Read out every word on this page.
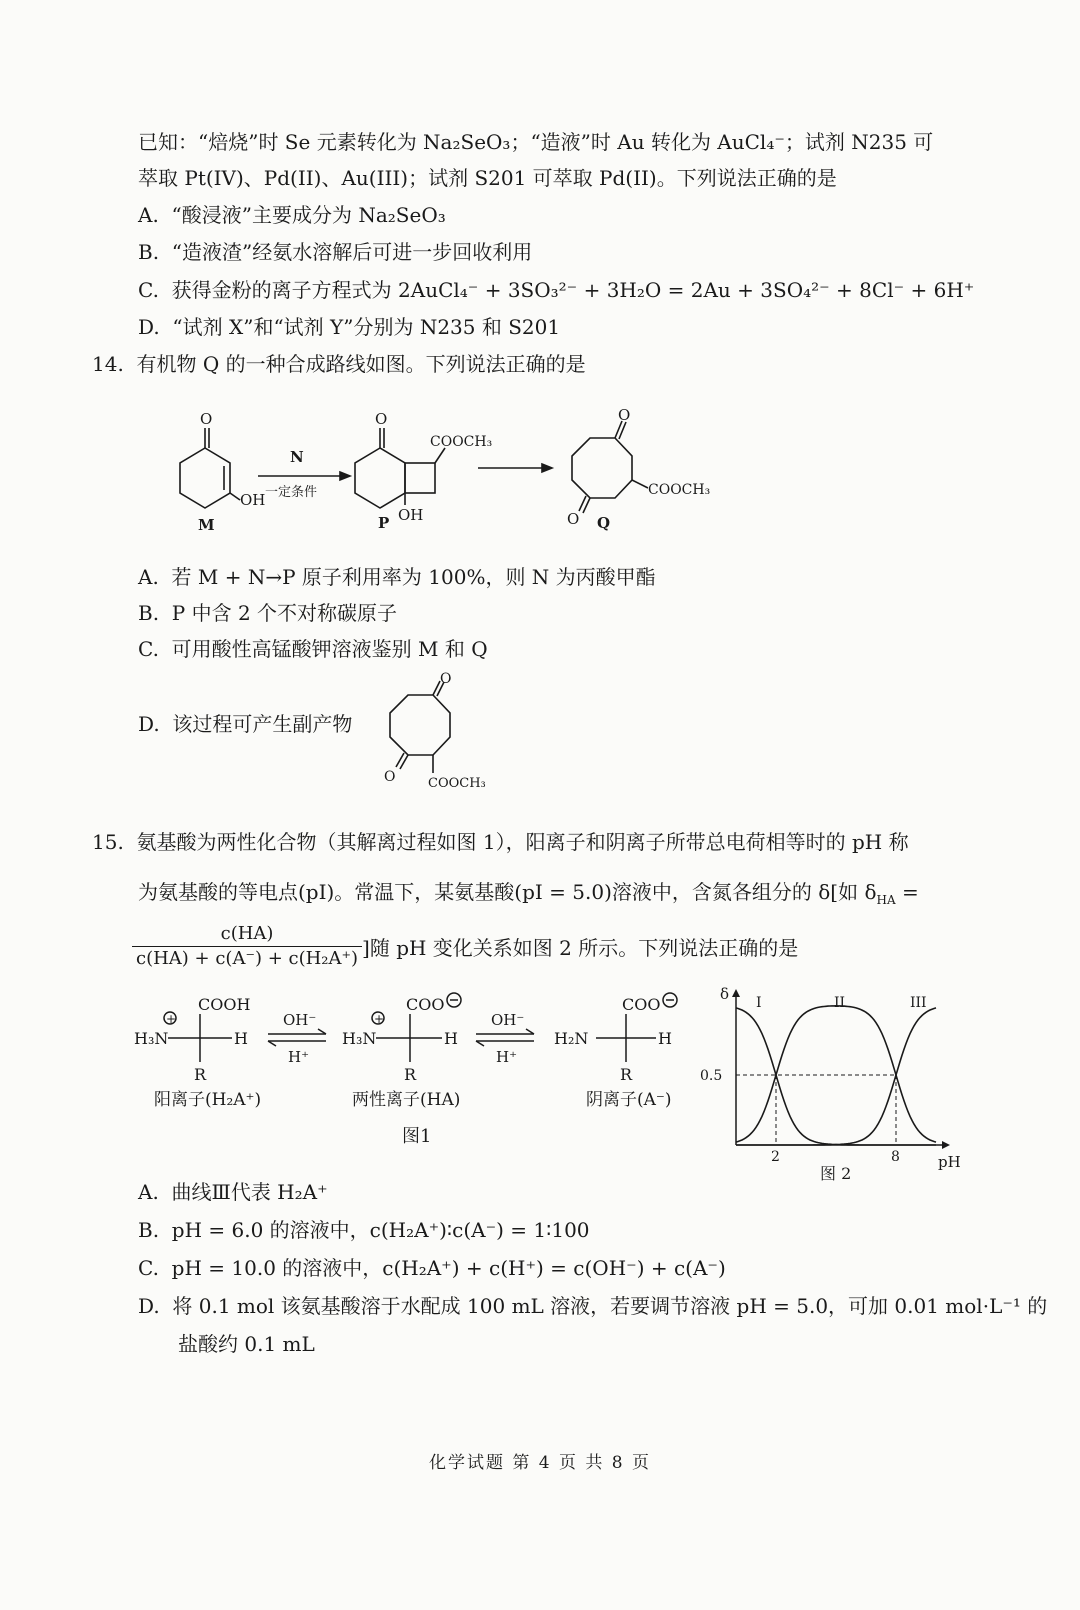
已知：“焙烧”时 Se 元素转化为 Na₂SeO₃；“造液”时 Au 转化为 AuCl₄⁻；试剂 N235 可
萃取 Pt(IV)、Pd(II)、Au(III)；试剂 S201 可萃取 Pd(II)。下列说法正确的是
A. “酸浸液”主要成分为 Na₂SeO₃
B. “造液渣”经氨水溶解后可进一步回收利用
C. 获得金粉的离子方程式为 2AuCl₄⁻ + 3SO₃²⁻ + 3H₂O = 2Au + 3SO₄²⁻ + 8Cl⁻ + 6H⁺
D. “试剂 X”和“试剂 Y”分别为 N235 和 S201
14. 有机物 Q 的一种合成路线如图。下列说法正确的是
O
OH
M
N
一定条件
O
COOCH₃
OH
P
O
O
COOCH₃
Q
A. 若 M + N→P 原子利用率为 100%，则 N 为丙酸甲酯
B. P 中含 2 个不对称碳原子
C. 可用酸性高锰酸钾溶液鉴别 M 和 Q
D. 该过程可产生副产物
O
O	COOCH₃
15. 氨基酸为两性化合物（其解离过程如图 1），阳离子和阴离子所带总电荷相等时的 pH 称
为氨基酸的等电点(pI)。常温下，某氨基酸(pI = 5.0)溶液中，含氮各组分的 δ[如 $\delta_{HA}$ =
$\frac{c(HA)}{\text{c(HA) + c(A⁻) + c(H₂A⁺)}}$ ]随 pH 变化关系如图 2 所示。下列说法正确的是
+
COOH
H₃N	H
R
阳离子(H₂A⁺)
OH⁻
H⁺
+
COO
H₃N	H
R
两性离子(HA)
OH⁻
H⁺
COO
H₂N	H
R
阴离子(A⁻)
图1
δ
pH
0.5
2	8
I	II	III
图 2
A. 曲线Ⅲ代表 H₂A⁺
B. pH = 6.0 的溶液中，c(H₂A⁺)∶c(A⁻) = 1∶100
C. pH = 10.0 的溶液中，c(H₂A⁺) + c(H⁺) = c(OH⁻) + c(A⁻)
D. 将 0.1 mol 该氨基酸溶于水配成 100 mL 溶液，若要调节溶液 pH = 5.0，可加 0.01 mol·L⁻¹ 的
盐酸约 0.1 mL
化学试题 第 4 页 共 8 页
